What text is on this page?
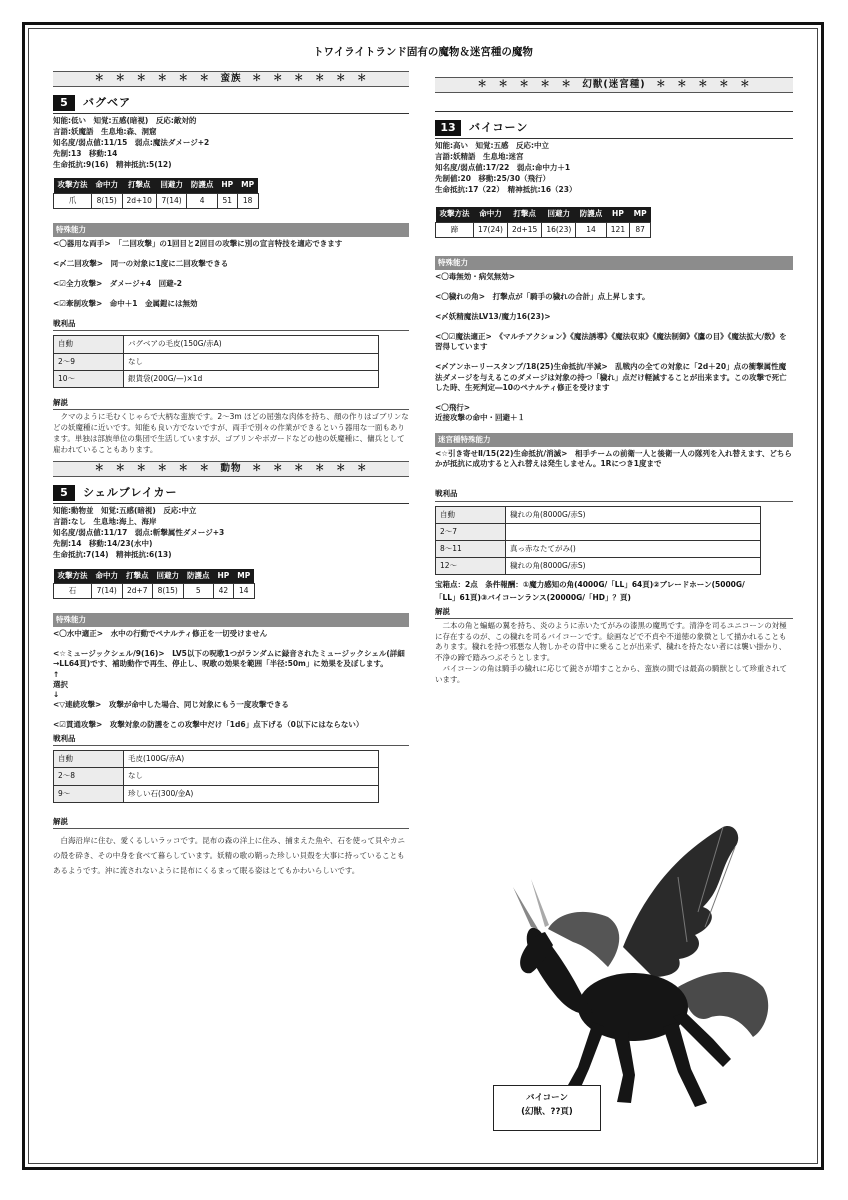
トワイライトランド固有の魔物＆迷宮種の魔物
＊　＊　＊　＊　＊　＊　蛮族　＊　＊　＊　＊　＊　＊
5	バグベア
知能:低い　知覚:五感(暗視)　反応:敵対的
言語:妖魔語　生息地:森、洞窟
知名度/弱点値:11/15　弱点:魔法ダメージ+2
先制:13　移動:14
生命抵抗:9(16)　精神抵抗:5(12)
攻撃方法	命中力	打撃点	回避力	防護点	HP	MP
爪	8(15)	2d+10	7(14)	4	51	18
特殊能力
<〇器用な両手>　「二回攻撃」の1回目と2回目の攻撃に別の宣言特技を適応できます
<〆二回攻撃>　同一の対象に1度に二回攻撃できる
<☑全力攻撃>　ダメージ+4　回避-2
<☑牽制攻撃>　命中＋1　金属鎧には無効
戦利品
自動	バグベアの毛皮(150G/赤A)
2～9	なし
10～	銀貨袋(200G/—)×1d
解説

クマのように毛むくじゃらで大柄な蛮族です。2～3m ほどの屈強な肉体を持ち、顔の作りはゴブリンなどの妖魔種に近いです。知能も良い方でないですが、両手で別々の作業ができるという器用な一面もあります。単独は部族単位の集団で生活していますが、ゴブリンやボガードなどの他の妖魔種に、傭兵として雇われていることもあります。

＊　＊　＊　＊　＊　＊　動物　＊　＊　＊　＊　＊　＊
5	シェルブレイカー
知能:動物並　知覚:五感(暗視)　反応:中立
言語:なし　生息地:海上、海岸
知名度/弱点値:11/17　弱点:斬撃属性ダメージ+3
先制:14　移動:14/23(水中)
生命抵抗:7(14)　精神抵抗:6(13)
攻撃方法	命中力	打撃点	回避力	防護点	HP	MP
石	7(14)	2d+7	8(15)	5	42	14
特殊能力
<〇水中適正>　水中の行動でペナルティ修正を一切受けません
<☆ミュージックシェル/9(16)>　LV5以下の呪歌1つがランダムに録音されたミュージックシェル(詳細→LL64頁)です、補助動作で再生、停止し、呪歌の効果を範囲「半径:50m」に効果を及ぼします。
↑
選択
↓
<▽連続攻撃>　攻撃が命中した場合、同じ対象にもう一度攻撃できる
<☑貫通攻撃>　攻撃対象の防護をこの攻撃中だけ「1d6」点下げる（0以下にはならない）
戦利品
自動	毛皮(100G/赤A)
2～8	なし
9～	珍しい石(300/金A)
解説

白海沿岸に住む、愛くるしいラッコです。昆布の森の洋上に住み、捕まえた魚や、石を使って貝やカニの殻を砕き、その中身を食べて暮らしています。妖精の歌の鞘った珍しい貝殻を大事に持っていることもあるようです。沖に流されないように昆布にくるまって眠る姿はとてもかわいらしいです。

＊　＊　＊　＊　＊　幻獣(迷宮種)　＊　＊　＊　＊　＊
13	バイコーン
知能:高い　知覚:五感　反応:中立
言語:妖精語　生息地:迷宮
知名度/弱点値:17/22　弱点:命中力＋1
先制値:20　移動:25/30（飛行）
生命抵抗:17（22）　精神抵抗:16（23）
攻撃方法	命中力	打撃点	回避力	防護点	HP	MP
蹄	17(24)	2d+15	16(23)	14	121	87
特殊能力
<〇毒無効・病気無効>
<〇穢れの角>　打撃点が「騎手の穢れの合計」点上昇します。
<〆妖精魔法LV13/魔力16(23)>
<〇☑魔法適正>　《マルチアクション》《魔法誘導》《魔法収束》《魔法制御》《鷹の目》《魔法拡大/数》を習得しています
<〆アンホーリースタンプ/18(25)生命抵抗/半減>　乱戦内の全ての対象に「2d＋20」点の衝撃属性魔法ダメージを与えるこのダメージは対象の持つ「穢れ」点だけ軽減することが出来ます。この攻撃で死亡した時、生死判定―10のペナルティ修正を受けます
<〇飛行>
近接攻撃の命中・回避＋１
迷宮種特殊能力
<☆引き寄せⅡ/15(22)生命抵抗/消滅>　相手チームの前衛一人と後衛一人の隊列を入れ替えます、どちらかが抵抗に成功すると入れ替えは発生しません。1Rにつき1度まで
戦利品
自動	穢れの角(8000G/赤S)
2～7	
8～11	真っ赤なたてがみ()
12～	穢れの角(8000G/赤S)
宝箱点：2点　条件報酬：①魔力感知の角(4000G/「LL」64頁)②ブレードホーン(5000G/
「LL」61頁)③バイコーンランス(20000G/「HD」？頁)
解説

二本の角と蝙蝠の翼を持ち、炎のように赤いたてがみの漆黒の魔馬です。清浄を司るユニコーンの対極に存在するのが、この穢れを司るバイコーンです。絵画などで不貞や不道徳の象徴として描かれることもあります。穢れを持つ邪悪な人物しかその背中に乗ることが出来ず、穢れを持たない者には襲い掛かり、不浄の蹄で踏みつぶそうとします。

バイコーンの角は騎手の穢れに応じて鋭さが増すことから、蛮族の間では最高の騎獣として珍重されています。

バイコーン
(幻獣、??頁)
